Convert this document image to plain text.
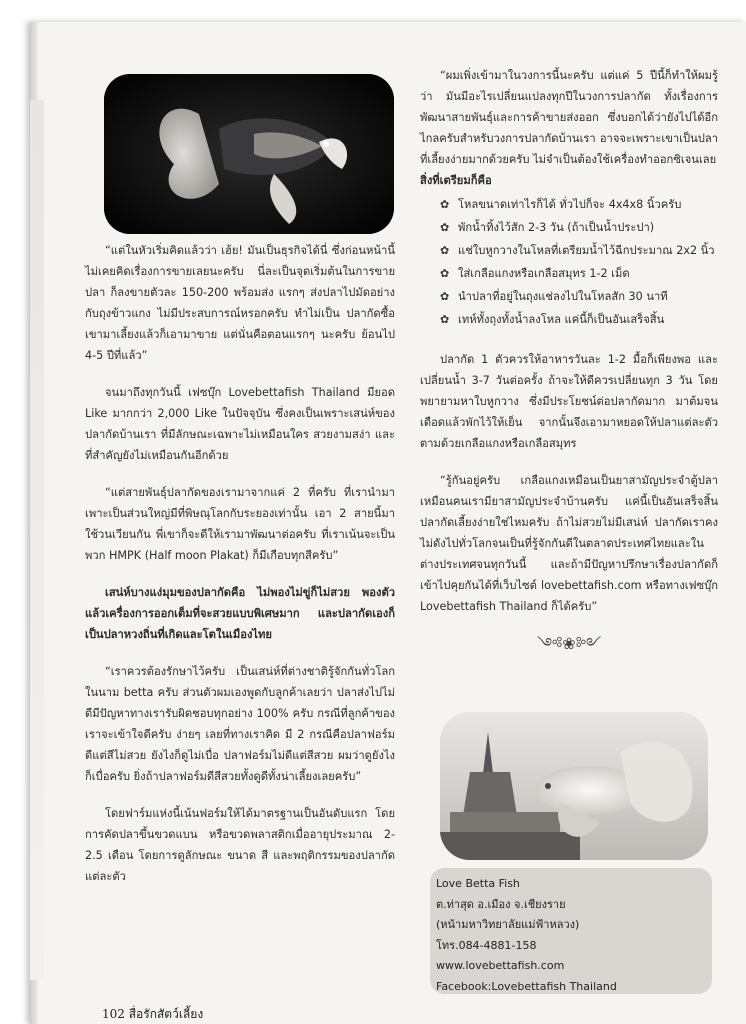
“แต่ในหัวเริ่มคิดแล้วว่า เฮ้ย! มันเป็นธุรกิจได้นี่ ซึ่งก่อนหน้านี้ไม่เคยคิดเรื่องการขายเลยนะครับ นี่ละเป็นจุดเริ่มต้นในการขายปลา ก็ลงขายตัวละ 150-200 พร้อมส่ง แรกๆ ส่งปลาไปมัดอย่างกับถุงข้าวแกง ไม่มีประสบการณ์หรอกครับ ทำไม่เป็น ปลากัดซื้อเขามาเลี้ยงแล้วก็เอามาขาย แต่นั่นคือตอนแรกๆ นะครับ ย้อนไป 4-5 ปีที่แล้ว”

จนมาถึงทุกวันนี้ เฟซบุ๊ก Lovebettafish Thailand มียอด Like มากกว่า 2,000 Like ในปัจจุบัน ซึ่งคงเป็นเพราะเสน่ห์ของปลากัดบ้านเรา ที่มีลักษณะเฉพาะไม่เหมือนใคร สวยงามสง่า และที่สำคัญยังไม่เหมือนกันอีกด้วย

“แต่สายพันธุ์ปลากัดของเรามาจากแค่ 2 ที่ครับ ที่เรานำมาเพาะเป็นส่วนใหญ่มีที่พิษณุโลกกับระยองเท่านั้น เอา 2 สายนี้มาใช้วนเวียนกัน พี่เขาก็จะดีให้เรามาพัฒนาต่อครับ ที่เราเน้นจะเป็นพวก HMPK (Half moon Plakat) ก็มีเกือบทุกสีครับ”

เสน่ห์บางแง่มุมของปลากัดคือ ไม่พองไม่ขู่ก็ไม่สวย พองตัวแล้วเครื่องการออกเต็มที่จะสวยแบบพิเศษมาก และปลากัดเองก็เป็นปลาหวงถิ่นที่เกิดและโตในเมืองไทย

“เราควรต้องรักษาไว้ครับ เป็นเสน่ห์ที่ต่างชาติรู้จักกันทั่วโลกในนาม betta ครับ ส่วนตัวผมเองพูดกับลูกค้าเลยว่า ปลาส่งไปไม่ดีมีปัญหาทางเรารับผิดชอบทุกอย่าง 100% ครับ กรณีที่ลูกค้าของเราจะเข้าใจดีครับ ง่ายๆ เลยที่ทางเราคิด มี 2 กรณีคือปลาฟอร์มดีแต่สีไม่สวย ยังไงก็ดูไม่เบื่อ ปลาฟอร์มไม่ดีแต่สีสวย ผมว่าดูยังไงก็เบื่อครับ ยิ่งถ้าปลาฟอร์มดีสีสวยทั้งดูดีทั้งน่าเลี้ยงเลยครับ”

โดยฟาร์มแห่งนี้เน้นฟอร์มให้ได้มาตรฐานเป็นอันดับแรก โดยการคัดปลาขึ้นขวดแบน หรือขวดพลาสติกเมื่ออายุประมาณ 2-2.5 เดือน โดยการดูลักษณะ ขนาด สี และพฤติกรรมของปลากัดแต่ละตัว

“ผมเพิ่งเข้ามาในวงการนี้นะครับ แต่แค่ 5 ปีนี้ก็ทำให้ผมรู้ว่า มันมีอะไรเปลี่ยนแปลงทุกปีในวงการปลากัด ทั้งเรื่องการพัฒนาสายพันธุ์และการค้าขายส่งออก ซึ่งบอกได้ว่ายังไปได้อีกไกลครับสำหรับวงการปลากัดบ้านเรา อาจจะเพราะเขาเป็นปลาที่เลี้ยงง่ายมากด้วยครับ ไม่จำเป็นต้องใช้เครื่องทำออกซิเจนเลย

สิ่งที่เตรียมก็คือ
✿ โหลขนาดเท่าไรก็ได้ ทั่วไปก็จะ 4x4x8 นิ้วครับ
✿ พักน้ำทิ้งไว้สัก 2-3 วัน (ถ้าเป็นน้ำประปา)
✿ แช่ใบหูกวางในโหลที่เตรียมน้ำไว้ฉีกประมาณ 2x2 นิ้ว
✿ ใส่เกลือแกงหรือเกลือสมุทร 1-2 เม็ด
✿ นำปลาที่อยู่ในถุงแช่ลงไปในโหลสัก 30 นาที
✿ เทห์ทั้งถุงทั้งน้ำลงโหล แค่นี้ก็เป็นอันเสร็จสิ้น

ปลากัด 1 ตัวควรให้อาหารวันละ 1-2 มื้อก็เพียงพอ และเปลี่ยนน้ำ 3-7 วันต่อครั้ง ถ้าจะให้ดีควรเปลี่ยนทุก 3 วัน โดยพยายามหาใบหูกวาง ซึ่งมีประโยชน์ต่อปลากัดมาก มาต้มจนเดือดแล้วพักไว้ให้เย็น จากนั้นจึงเอามาหยอดให้ปลาแต่ละตัวตามด้วยเกลือแกงหรือเกลือสมุทร

“รู้กันอยู่ครับ เกลือแกงเหมือนเป็นยาสามัญประจำตู้ปลา เหมือนคนเรามียาสามัญประจำบ้านครับ แค่นี้เป็นอันเสร็จสิ้น ปลากัดเลี้ยงง่ายใช่ไหมครับ ถ้าไม่สวยไม่มีเสน่ห์ ปลากัดเราคงไม่ดังไปทั่วโลกจนเป็นที่รู้จักกันดีในตลาดประเทศไทยและในต่างประเทศจนทุกวันนี้ และถ้ามีปัญหาปรึกษาเรื่องปลากัดก็เข้าไปคุยกันได้ที่เว็บไซต์ lovebettafish.com หรือทางเฟซบุ๊ก Lovebettafish Thailand ก็ได้ครับ”

༺❀༻
Love Betta Fish
ต.ท่าสุด อ.เมือง จ.เชียงราย
(หน้ามหาวิทยาลัยแม่ฟ้าหลวง)
โทร.084-4881-158
www.lovebettafish.com
Facebook:Lovebettafish Thailand
102 สื่อรักสัตว์เลี้ยง
